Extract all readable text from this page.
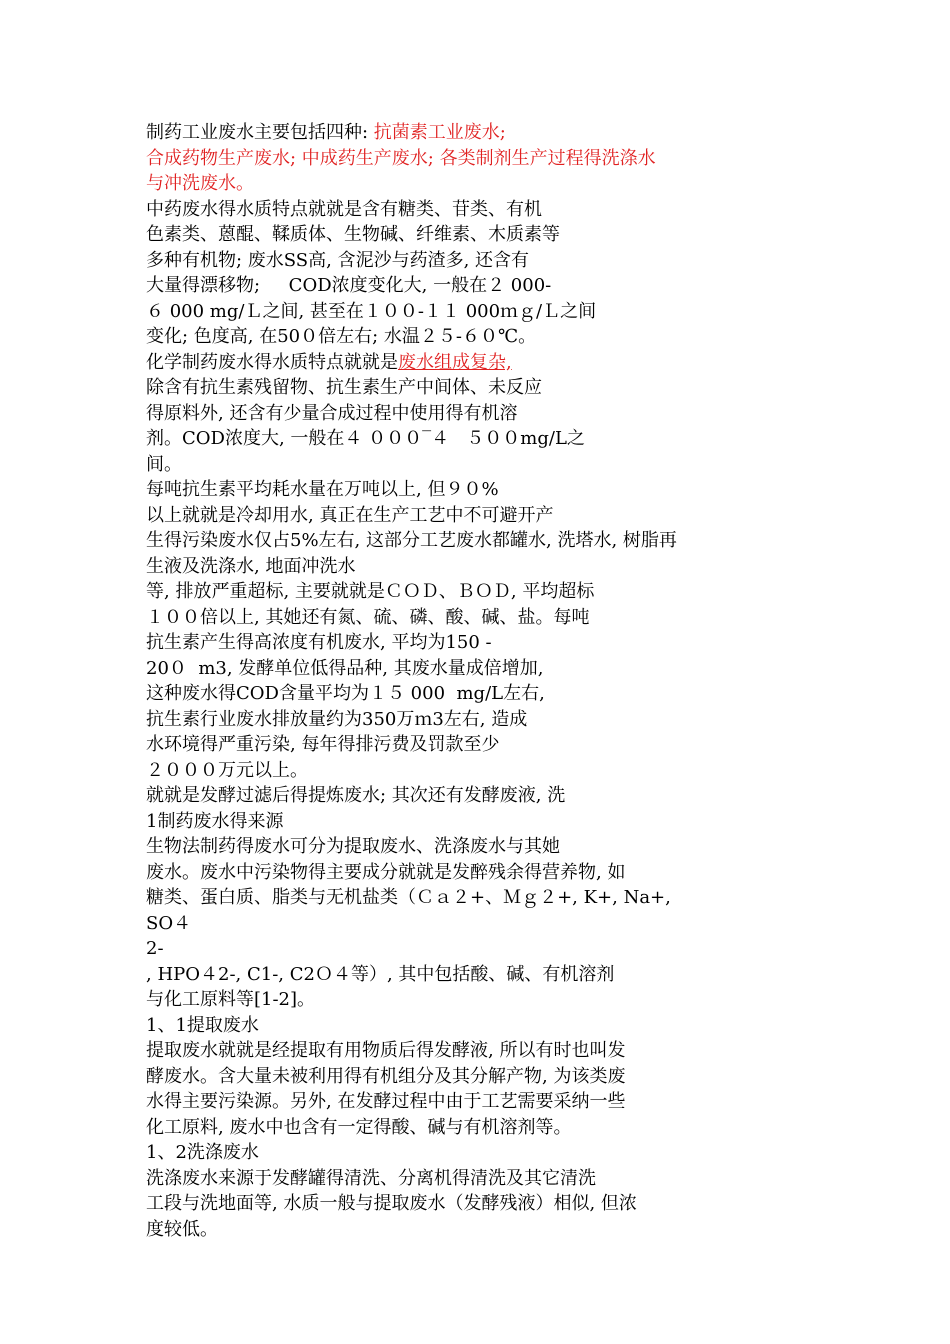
制药工业废水主要包括四种: 抗菌素工业废水;
合成药物生产废水; 中成药生产废水; 各类制剂生产过程得洗涤水
与冲洗废水。
中药废水得水质特点就就是含有糖类、苷类、有机
色素类、蒽醌、鞣质体、生物碱、纤维素、木质素等
多种有机物; 废水SS高, 含泥沙与药渣多, 还含有
大量得漂移物;     COD浓度变化大, 一般在２ 000-
６ 000 mg/Ｌ之间, 甚至在１００-１１ 000ｍｇ/Ｌ之间
变化; 色度高, 在50０倍左右; 水温２５-６０℃。
化学制药废水得水质特点就就是废水组成复杂,
除含有抗生素残留物、抗生素生产中间体、未反应
得原料外, 还含有少量合成过程中使用得有机溶
剂。COD浓度大, 一般在４ ０００‾４   ５００mg/L之
间。
每吨抗生素平均耗水量在万吨以上, 但９０%
以上就就是冷却用水, 真正在生产工艺中不可避开产
生得污染废水仅占5%左右, 这部分工艺废水都罐水, 洗塔水, 树脂再
生液及洗涤水, 地面冲洗水
等, 排放严重超标, 主要就就是ＣＯＤ、ＢＯＤ, 平均超标
１００倍以上, 其她还有氮、硫、磷、酸、碱、盐。每吨
抗生素产生得高浓度有机废水, 平均为150 -
20０  m3, 发酵单位低得品种, 其废水量成倍增加,
这种废水得COD含量平均为１５ 000  mg/L左右,
抗生素行业废水排放量约为350万ｍ3左右, 造成
水环境得严重污染, 每年得排污费及罚款至少
２０００万元以上。
就就是发酵过滤后得提炼废水; 其次还有发酵废液, 洗
1制药废水得来源
生物法制药得废水可分为提取废水、洗涤废水与其她
废水。废水中污染物得主要成分就就是发醉残余得营养物, 如
糖类、蛋白质、脂类与无机盐类（Ｃａ２+、Ｍｇ２+, K+, Na+,
SO４
2-
, HPO４2-, C1-, C2Ｏ４等）, 其中包括酸、碱、有机溶剂
与化工原料等[1-2]。
1、1提取废水
提取废水就就是经提取有用物质后得发酵液, 所以有时也叫发
酵废水。含大量未被利用得有机组分及其分解产物, 为该类废
水得主要污染源。另外, 在发酵过程中由于工艺需要采纳一些
化工原料, 废水中也含有一定得酸、碱与有机溶剂等。
1、2洗涤废水
洗涤废水来源于发酵罐得清洗、分离机得清洗及其它清洗
工段与洗地面等, 水质一般与提取废水（发酵残液）相似, 但浓
度较低。
